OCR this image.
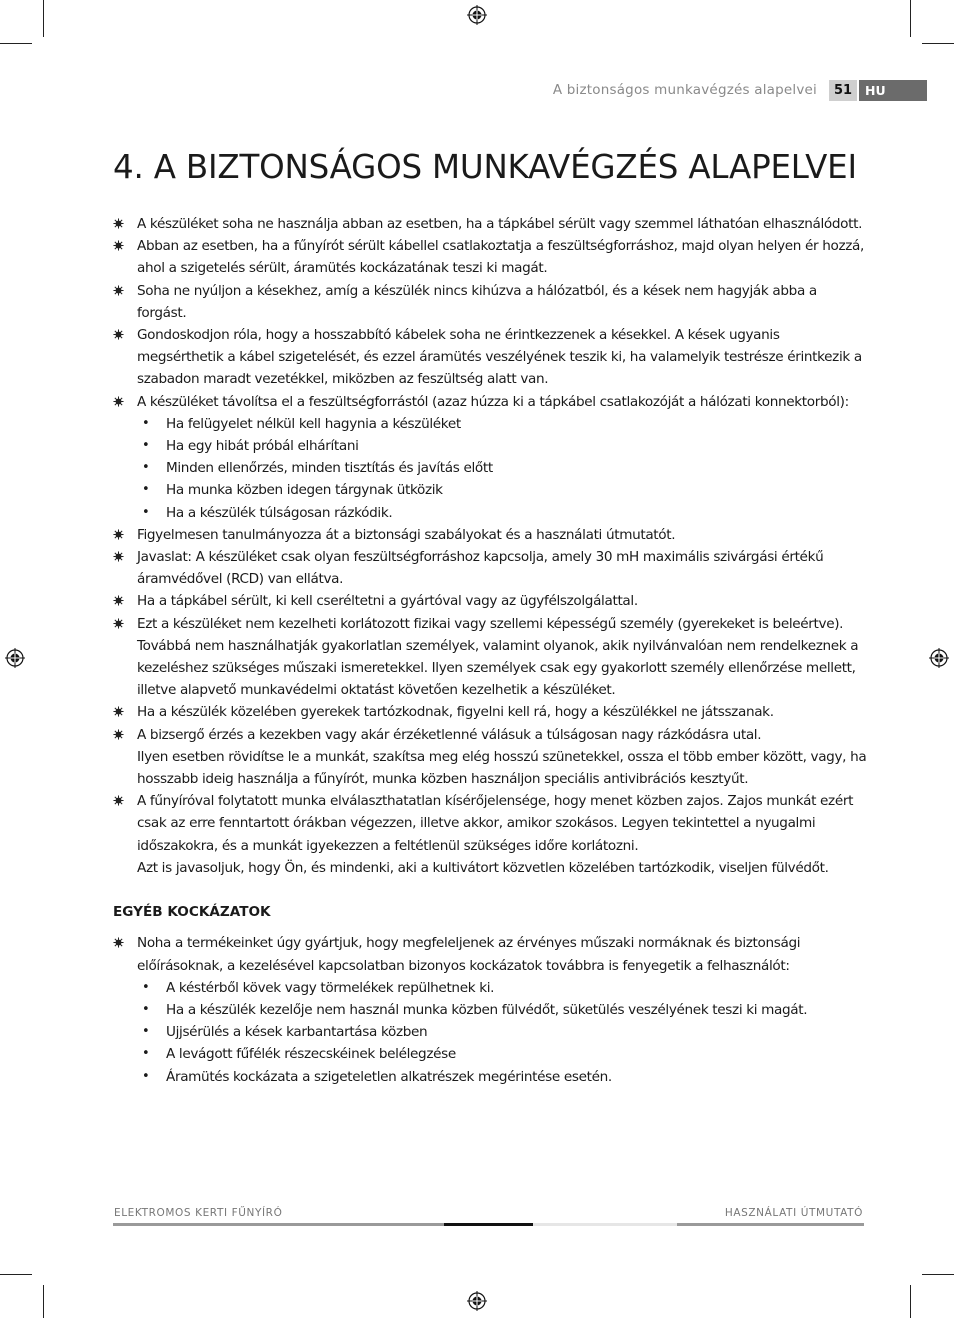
A biztonságos munkavégzés alapelvei	51	HU
4. A BIZTONSÁGOS MUNKAVÉGZÉS ALAPELVEI
A készüléket soha ne használja abban az esetben, ha a tápkábel sérült vagy szemmel láthatóan elhasználódott.
Abban az esetben, ha a fűnyírót sérült kábellel csatlakoztatja a feszültségforráshoz, majd olyan helyen ér hozzá, ahol a szigetelés sérült, áramütés kockázatának teszi ki magát.
Soha ne nyúljon a késekhez, amíg a készülék nincs kihúzva a hálózatból, és a kések nem hagyják abba a forgást.
Gondoskodjon róla, hogy a hosszabbító kábelek soha ne érintkezzenek a késekkel. A kések ugyanis megsérthetik a kábel szigetelését, és ezzel áramütés veszélyének teszik ki, ha valamelyik testrésze érintkezik a szabadon maradt vezetékkel, miközben az feszültség alatt van.
A készüléket távolítsa el a feszültségforrástól (azaz húzza ki a tápkábel csatlakozóját a hálózati konnektorból):
• Ha felügyelet nélkül kell hagynia a készüléket
• Ha egy hibát próbál elhárítani
• Minden ellenőrzés, minden tisztítás és javítás előtt
• Ha munka közben idegen tárgynak ütközik
• Ha a készülék túlságosan rázkódik.
Figyelmesen tanulmányozza át a biztonsági szabályokat és a használati útmutatót.
Javaslat: A készüléket csak olyan feszültségforráshoz kapcsolja, amely 30 mH maximális szivárgási értékű áramvédővel (RCD) van ellátva.
Ha a tápkábel sérült, ki kell cseréltetni a gyártóval vagy az ügyfélszolgálattal.
Ezt a készüléket nem kezelheti korlátozott fizikai vagy szellemi képességű személy (gyerekeket is beleértve). Továbbá nem használhatják gyakorlatlan személyek, valamint olyanok, akik nyilvánvalóan nem rendelkeznek a kezeléshez szükséges műszaki ismeretekkel. Ilyen személyek csak egy gyakorlott személy ellenőrzése mellett, illetve alapvető munkavédelmi oktatást követően kezelhetik a készüléket.
Ha a készülék közelében gyerekek tartózkodnak, figyelni kell rá, hogy a készülékkel ne játsszanak.
A bizsergő érzés a kezekben vagy akár érzéketlenné válásuk a túlságosan nagy rázkódásra utal.
Ilyen esetben rövidítse le a munkát, szakítsa meg elég hosszú szünetekkel, ossza el több ember között, vagy, ha hosszabb ideig használja a fűnyírót, munka közben használjon speciális antivibrációs kesztyűt.
A fűnyíróval folytatott munka elválaszthatatlan kísérőjelensége, hogy menet közben zajos. Zajos munkát ezért csak az erre fenntartott órákban végezzen, illetve akkor, amikor szokásos. Legyen tekintettel a nyugalmi időszakokra, és a munkát igyekezzen a feltétlenül szükséges időre korlátozni.
Azt is javasoljuk, hogy Ön, és mindenki, aki a kultivátort közvetlen közelében tartózkodik, viseljen fülvédőt.
EGYÉB KOCKÁZATOK
Noha a termékeinket úgy gyártjuk, hogy megfeleljenek az érvényes műszaki normáknak és biztonsági előírásoknak, a kezelésével kapcsolatban bizonyos kockázatok továbbra is fenyegetik a felhasználót:
• A késtérből kövek vagy törmelékek repülhetnek ki.
• Ha a készülék kezelője nem használ munka közben fülvédőt, süketülés veszélyének teszi ki magát.
• Ujjsérülés a kések karbantartása közben
• A levágott fűfélék részecskéinek belélegzése
• Áramütés kockázata a szigeteletlen alkatrészek megérintése esetén.
ELEKTROMOS KERTI FŰNYÍRÓ	HASZNÁLATI ÚTMUTATÓ
